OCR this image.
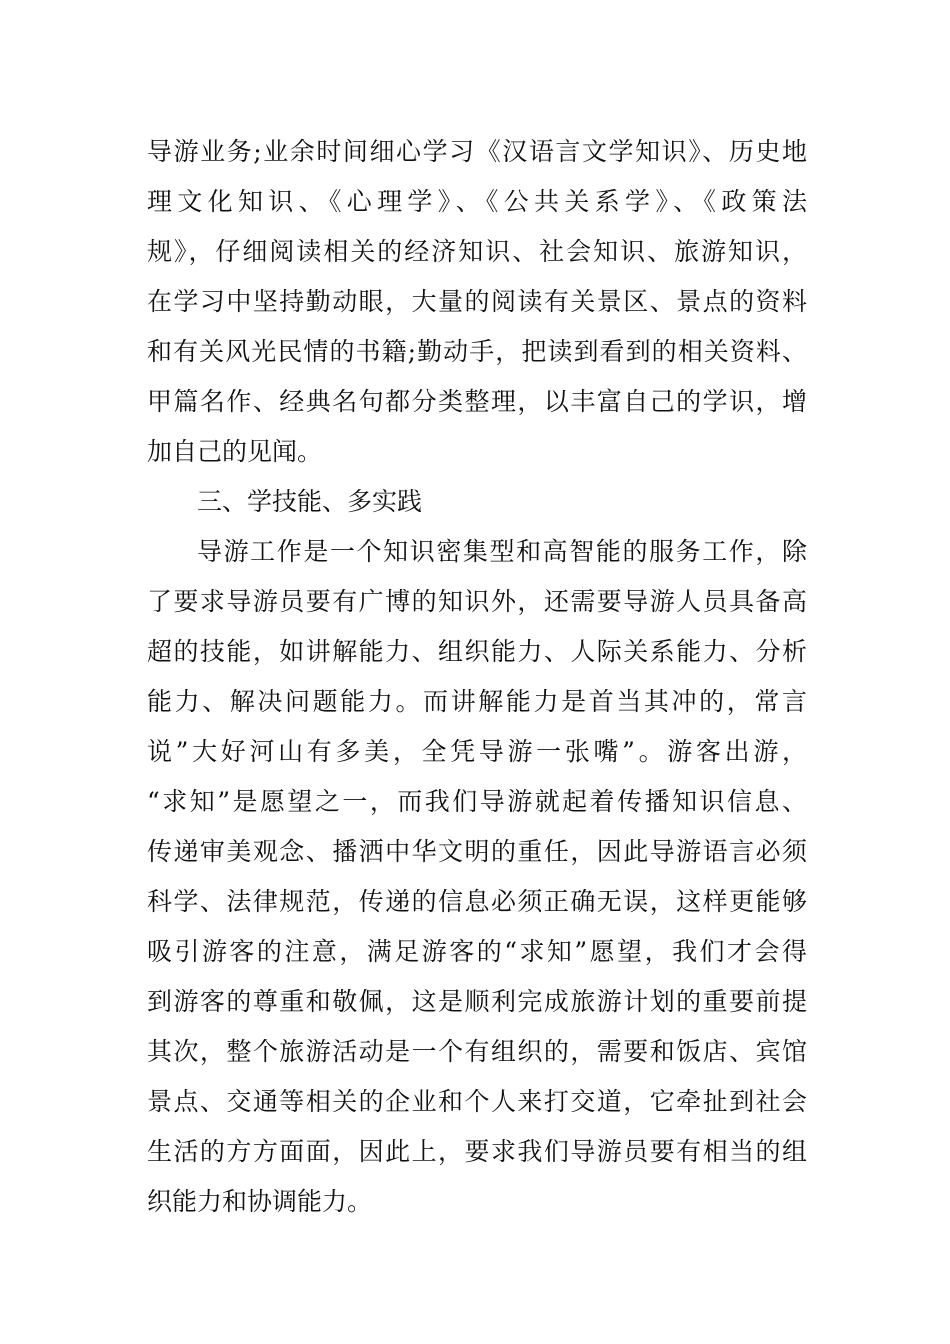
导游业务;业余时间细心学习《汉语言文学知识》、历史地
理文化知识、《心理学》、《公共关系学》、《政策法
规》，仔细阅读相关的经济知识、社会知识、旅游知识，
在学习中坚持勤动眼，大量的阅读有关景区、景点的资料
和有关风光民情的书籍;勤动手，把读到看到的相关资料、
甲篇名作、经典名句都分类整理，以丰富自己的学识，增
加自己的见闻。
三、学技能、多实践
导游工作是一个知识密集型和高智能的服务工作，除
了要求导游员要有广博的知识外，还需要导游人员具备高
超的技能，如讲解能力、组织能力、人际关系能力、分析
能力、解决问题能力。而讲解能力是首当其冲的，常言
说”大好河山有多美，全凭导游一张嘴”。游客出游，
“求知”是愿望之一，而我们导游就起着传播知识信息、
传递审美观念、播洒中华文明的重任，因此导游语言必须
科学、法律规范，传递的信息必须正确无误，这样更能够
吸引游客的注意，满足游客的“求知”愿望，我们才会得
到游客的尊重和敬佩，这是顺利完成旅游计划的重要前提
其次，整个旅游活动是一个有组织的，需要和饭店、宾馆
景点、交通等相关的企业和个人来打交道，它牵扯到社会
生活的方方面面，因此上，要求我们导游员要有相当的组
织能力和协调能力。
